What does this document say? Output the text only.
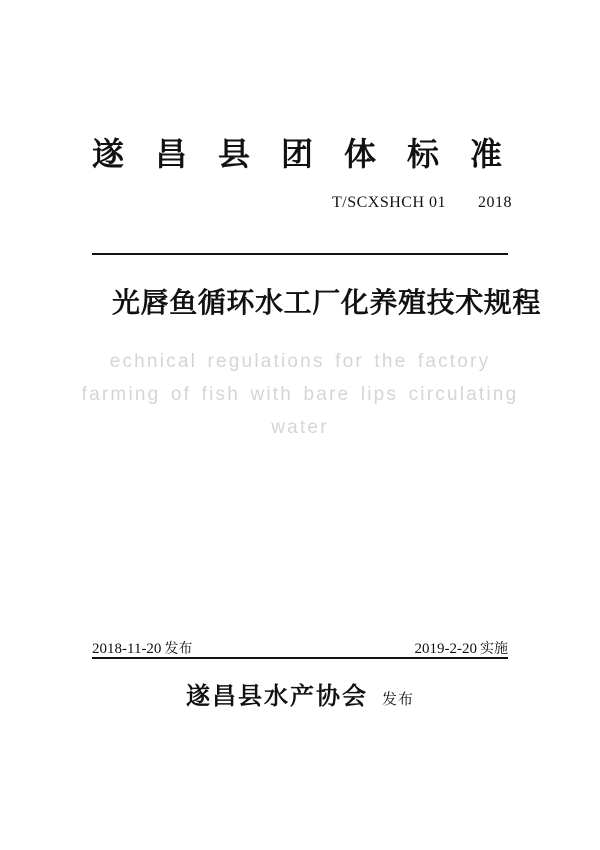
遂昌县团体标准
T/SCXSHCH 01 2018
光唇鱼循环水工厂化养殖技术规程
echnical regulations for the factory
farming of fish with bare lips circulating
water
2018-11-20 发布	2019-2-20 实施
遂昌县水产协会 发布
